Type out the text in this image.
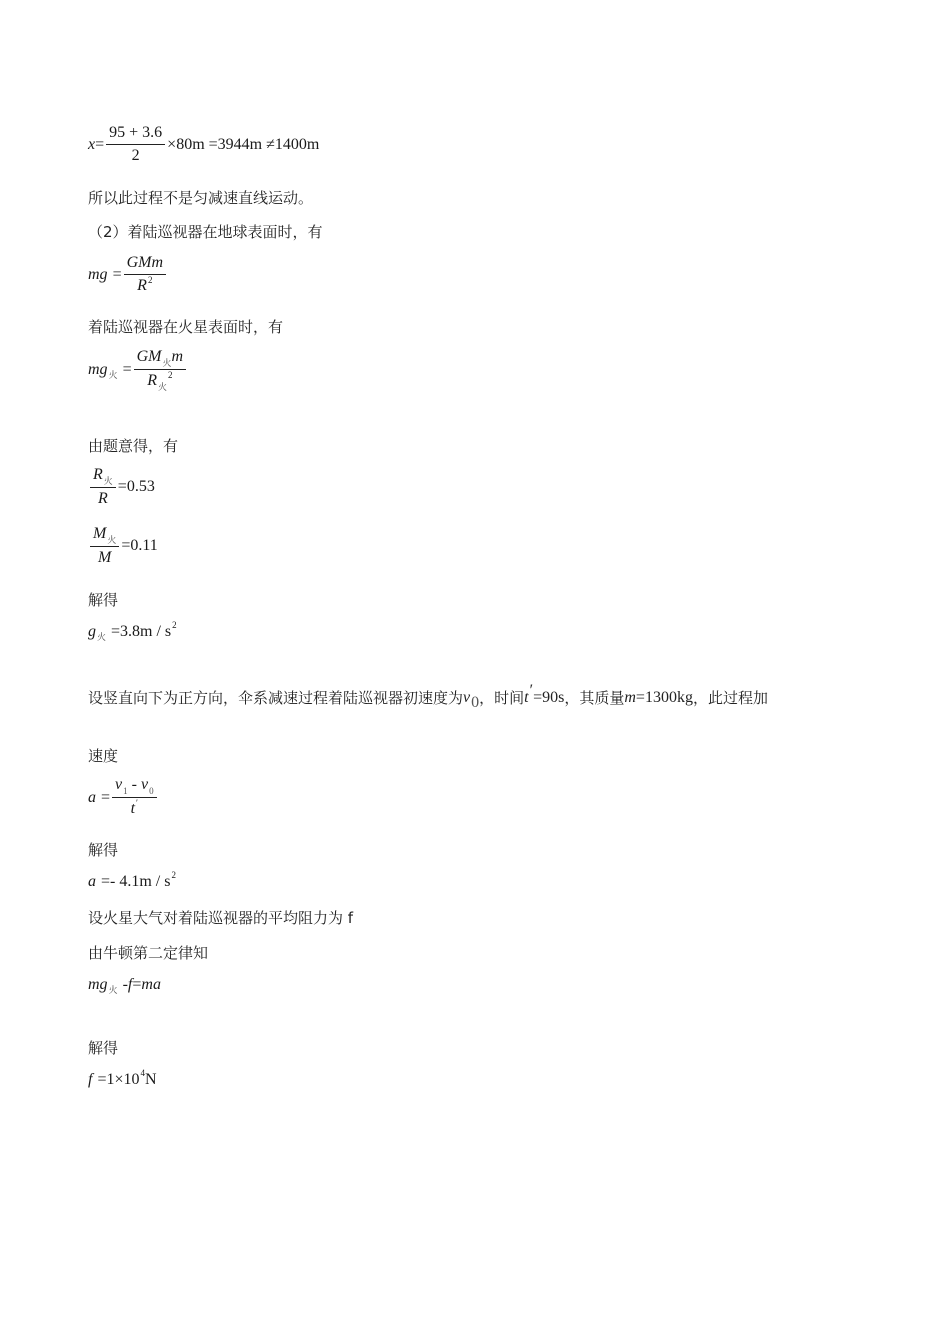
$x = \frac{95 + 3.6}{2} \times 80m =3944m \ne 1400m$
所以此过程不是匀减速直线运动。
（2）着陆巡视器在地球表面时，有
mg = $\frac{\text{GMm}}{R^2}$
着陆巡视器在火星表面时，有
mg 火 = $\frac{GM_火m}{R_火^2}$
由题意得，有
$\frac{R_火}{R} =0.53$
$\frac{M_火}{M} =0.11$
解得
g 火 =3.8m / s 2
设竖直向下为正方向，伞系减速过程着陆巡视器初速度为 v 0 ，时间 t ′ =90s ，其质量 m =1300kg ，此过程加
速度
$a = \frac{v_1 - v_0}{t'}$
解得
a =- 4.1m / s 2
设火星大气对着陆巡视器的平均阻力为 f
由牛顿第二定律知
mg 火 - f = ma
解得
f =1×10 4 N
